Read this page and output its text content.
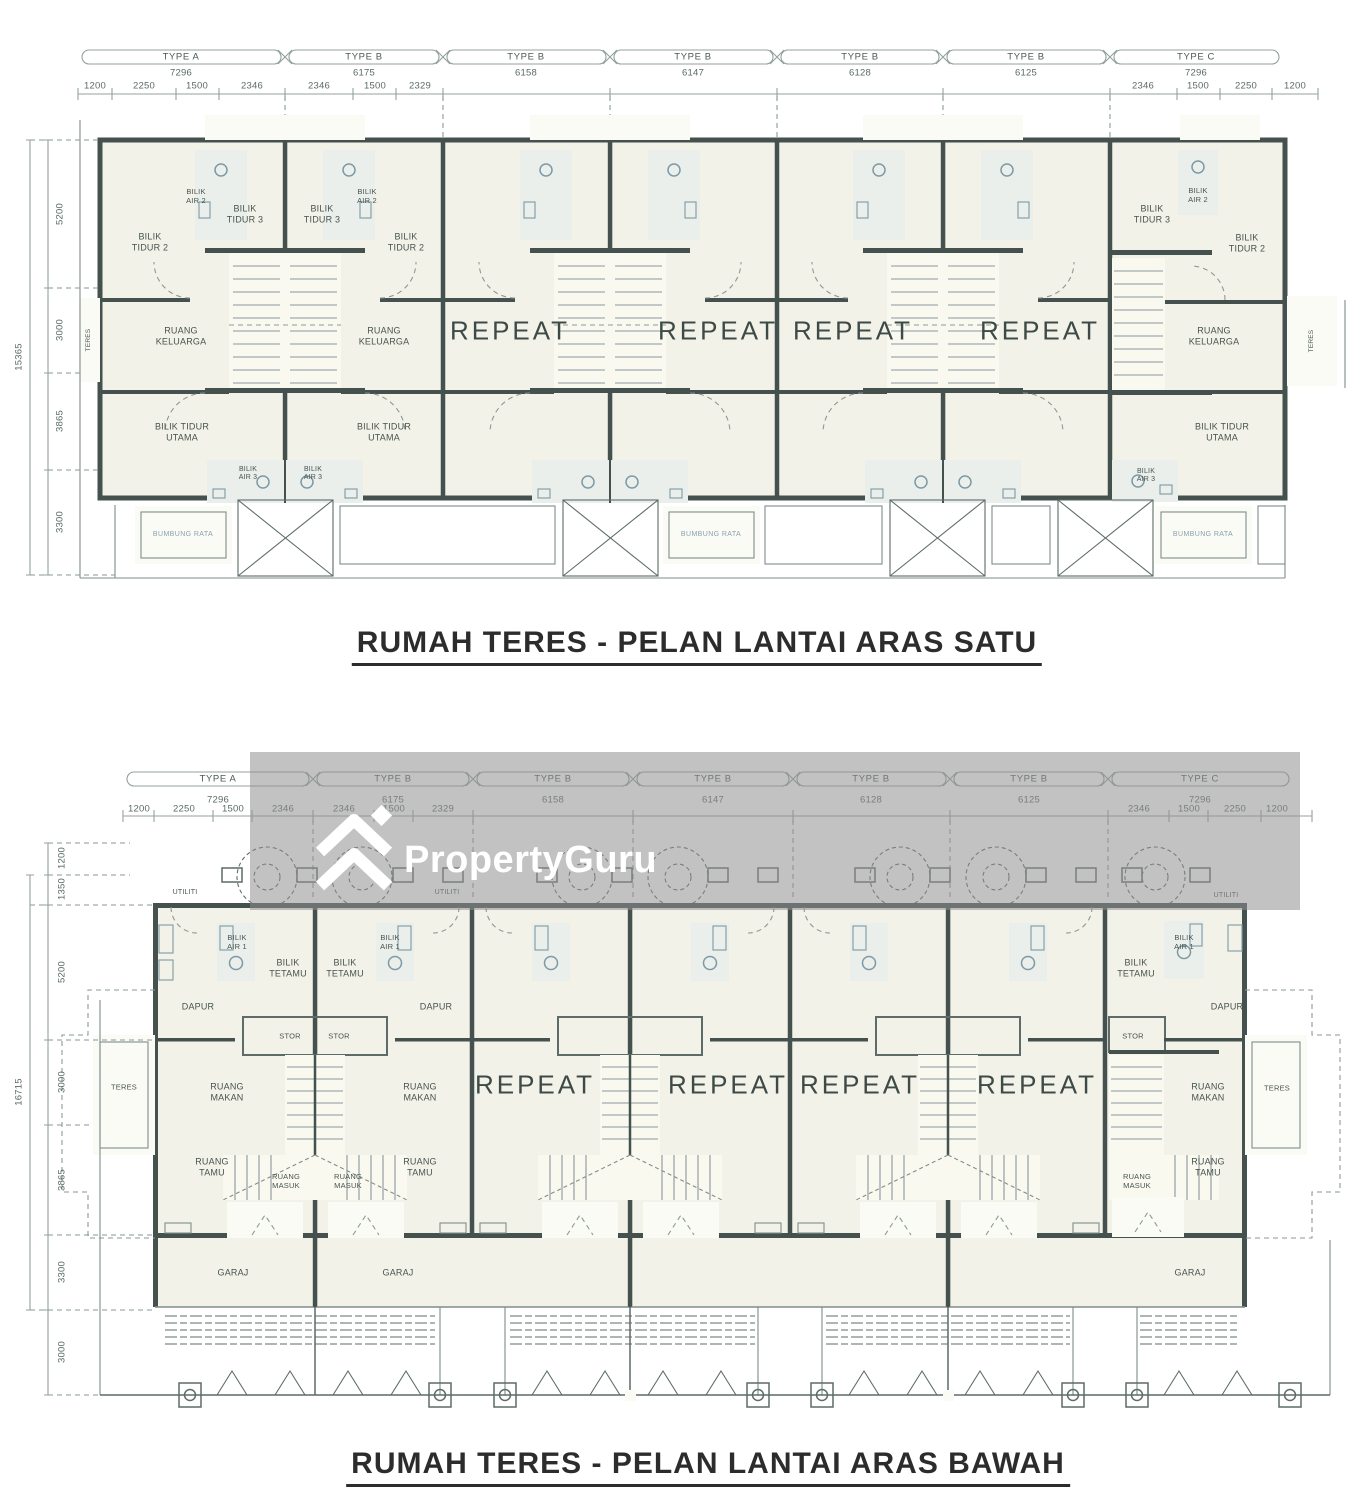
TYPE A	TYPE B	TYPE B	TYPE B	TYPE B	TYPE B	TYPE C
7296	6175	6158	6147	6128	6125	7296
1200	2250	1500	2346	2346	1500 2329	2346	1500	2250	1200
15365
5200
3000
3865
3300
BILIK TIDUR 2
BILIK AIR 2
BILIK TIDUR 3
RUANG KELUARGA
BILIK TIDUR UTAMA
BILIK AIR 3
BILIK TIDUR 3
BILIK AIR 2
BILIK TIDUR 2
RUANG KELUARGA
BILIK TIDUR UTAMA
BILIK AIR 3
BILIK TIDUR 3
BILIK AIR 2
BILIK TIDUR 2
RUANG KELUARGA
BILIK TIDUR UTAMA
BILIK AIR 3
REPEAT	REPEAT REPEAT	REPEAT
BUMBUNG RATA	BUMBUNG RATA	BUMBUNG RATA
TERES	TERES
RUMAH TERES - PELAN LANTAI ARAS SATU
TYPE A
7296
1200 2250	1500
16715
1200
1350
5200
3000
3865
3300
3000
UTILITI
BILIK AIR 1
BILIK TETAMU
DAPUR
STOR
RUANG MAKAN
RUANG TAMU	RUANG MASUK
GARAJ
TERES
BILIK AIR 1
BILIK TETAMU
DAPUR
STOR
RUANG MAKAN
RUANG TAMU
RUANG MASUK
GARAJ
BILIK AIR 1
BILIK TETAMU
DAPUR
STOR
RUANG MAKAN
RUANG TAMU
RUANG MASUK
GARAJ
TERES
REPEAT	REPEAT REPEAT REPEAT
RUMAH TERES - PELAN LANTAI ARAS BAWAH
PropertyGuru
